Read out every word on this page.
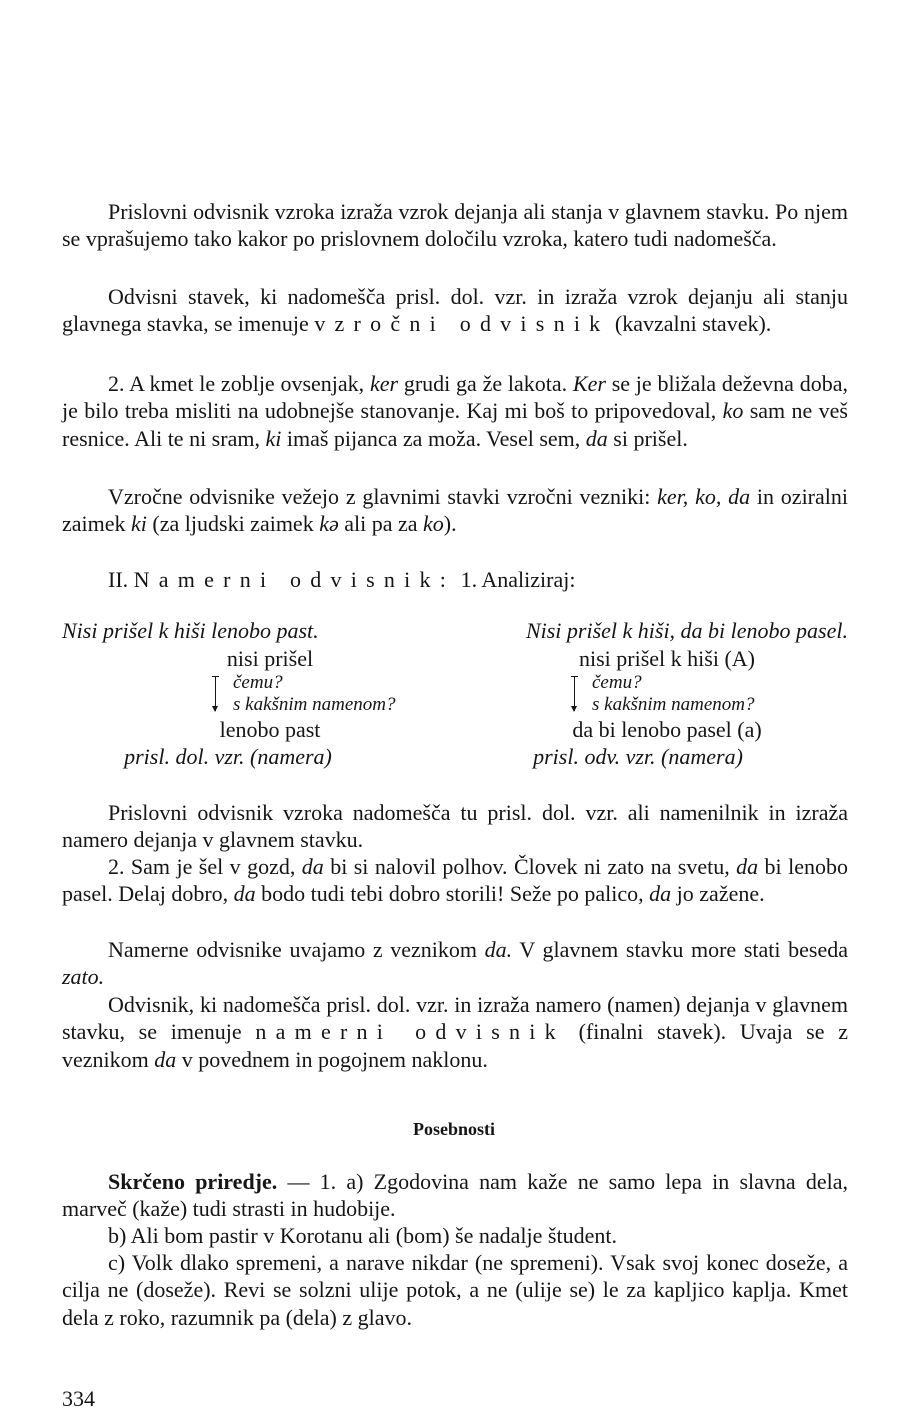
Prislovni odvisnik vzroka izraža vzrok dejanja ali stanja v glavnem stavku. Po njem se vprašujemo tako kakor po prislovnem določilu vzroka, katero tudi nadomešča.

Odvisni stavek, ki nadomešča prisl. dol. vzr. in izraža vzrok dejanju ali stanju glavnega stavka, se imenuje vzročni odvisnik (kavzalni stavek).

2. A kmet le zoblje ovsenjak, ker grudi ga že lakota. Ker se je bližala deževna doba, je bilo treba misliti na udobnejše stanovanje. Kaj mi boš to pripovedoval, ko sam ne veš resnice. Ali te ni sram, ki imaš pijanca za moža. Vesel sem, da si prišel.

Vzročne odvisnike vežejo z glavnimi stavki vzročni vezniki: ker, ko, da in oziralni zaimek ki (za ljudski zaimek kə ali pa za ko).

II. Namerni odvisnik: 1. Analiziraj:

Nisi prišel k hiši lenobo past.	Nisi prišel k hiši, da bi lenobo pasel.
nisi prišel
čemu?
s kakšnim namenom?
lenobo past
prisl. dol. vzr. (namera)
nisi prišel k hiši (A)
čemu?
s kakšnim namenom?
da bi lenobo pasel (a)
prisl. odv. vzr. (namera)

Prislovni odvisnik vzroka nadomešča tu prisl. dol. vzr. ali namenilnik in izraža namero dejanja v glavnem stavku.

2. Sam je šel v gozd, da bi si nalovil polhov. Človek ni zato na svetu, da bi lenobo pasel. Delaj dobro, da bodo tudi tebi dobro storili! Seže po palico, da jo zažene.

Namerne odvisnike uvajamo z veznikom da. V glavnem stavku more stati beseda zato.

Odvisnik, ki nadomešča prisl. dol. vzr. in izraža namero (namen) dejanja v glavnem stavku, se imenuje namerni odvisnik (finalni stavek). Uvaja se z veznikom da v povednem in pogojnem naklonu.

Posebnosti

Skrčeno priredje. — 1. a) Zgodovina nam kaže ne samo lepa in slavna dela, marveč (kaže) tudi strasti in hudobije.

b) Ali bom pastir v Korotanu ali (bom) še nadalje študent.

c) Volk dlako spremeni, a narave nikdar (ne spremeni). Vsak svoj konec doseže, a cilja ne (doseže). Revi se solzni ulije potok, a ne (ulije se) le za kapljico kaplja. Kmet dela z roko, razumnik pa (dela) z glavo.

334
